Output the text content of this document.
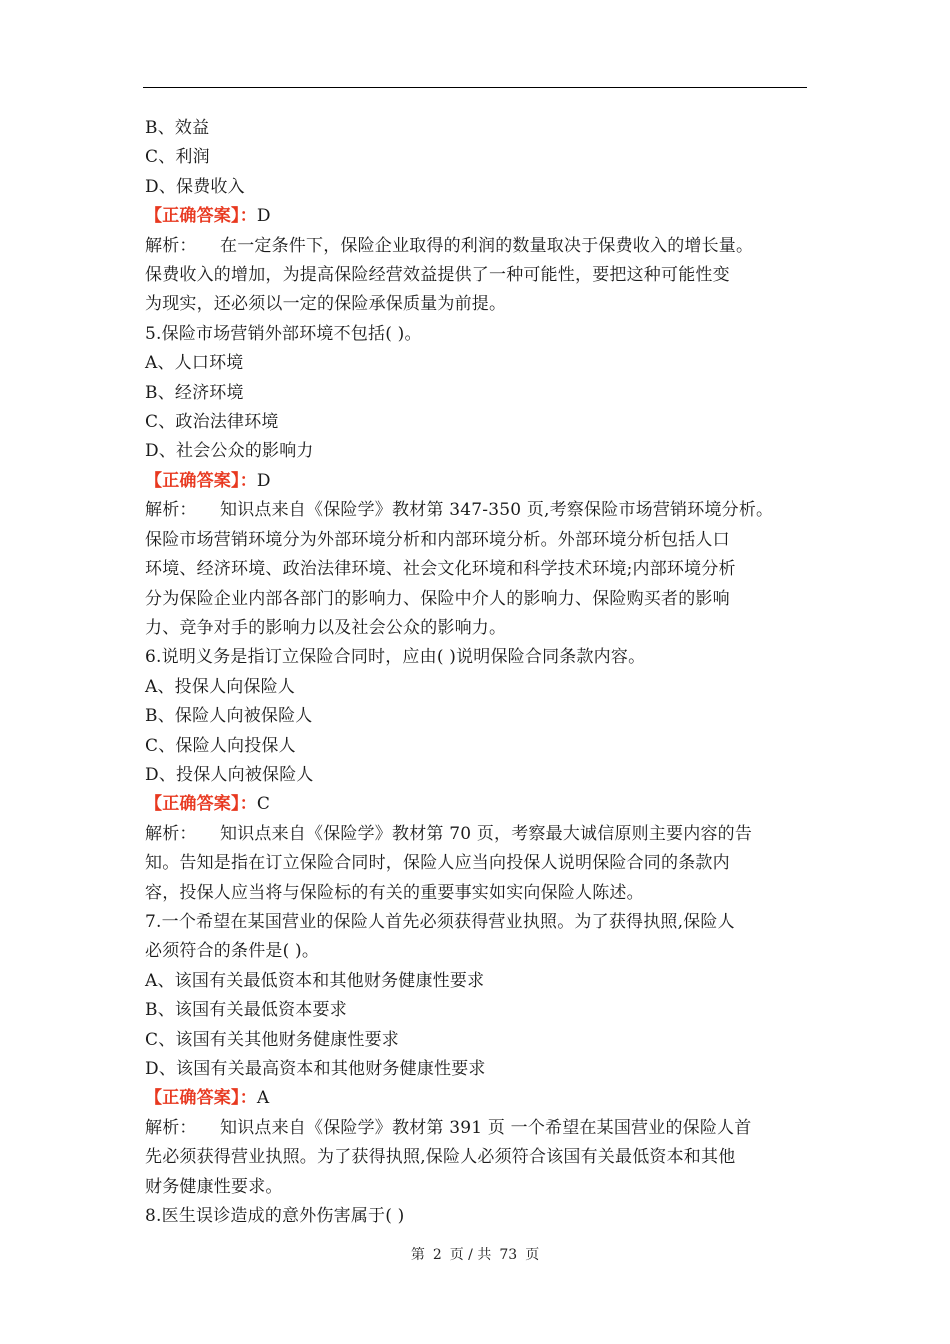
B、效益
C、利润
D、保费收入
【正确答案】：D
解析： 在一定条件下，保险企业取得的利润的数量取决于保费收入的增长量。
保费收入的增加，为提高保险经营效益提供了一种可能性，要把这种可能性变
为现实，还必须以一定的保险承保质量为前提。
5.保险市场营销外部环境不包括( )。
A、人口环境
B、经济环境
C、政治法律环境
D、社会公众的影响力
【正确答案】：D
解析： 知识点来自《保险学》教材第 347-350 页,考察保险市场营销环境分析。
保险市场营销环境分为外部环境分析和内部环境分析。外部环境分析包括人口
环境、经济环境、政治法律环境、社会文化环境和科学技术环境;内部环境分析
分为保险企业内部各部门的影响力、保险中介人的影响力、保险购买者的影响
力、竞争对手的影响力以及社会公众的影响力。
6.说明义务是指订立保险合同时，应由( )说明保险合同条款内容。
A、投保人向保险人
B、保险人向被保险人
C、保险人向投保人
D、投保人向被保险人
【正确答案】：C
解析： 知识点来自《保险学》教材第 70 页，考察最大诚信原则主要内容的告
知。告知是指在订立保险合同时，保险人应当向投保人说明保险合同的条款内
容，投保人应当将与保险标的有关的重要事实如实向保险人陈述。
7.一个希望在某国营业的保险人首先必须获得营业执照。为了获得执照,保险人
必须符合的条件是( )。
A、该国有关最低资本和其他财务健康性要求
B、该国有关最低资本要求
C、该国有关其他财务健康性要求
D、该国有关最高资本和其他财务健康性要求
【正确答案】：A
解析： 知识点来自《保险学》教材第 391 页 一个希望在某国营业的保险人首
先必须获得营业执照。为了获得执照,保险人必须符合该国有关最低资本和其他
财务健康性要求。
8.医生误诊造成的意外伤害属于( )
第 2 页 / 共 73 页
